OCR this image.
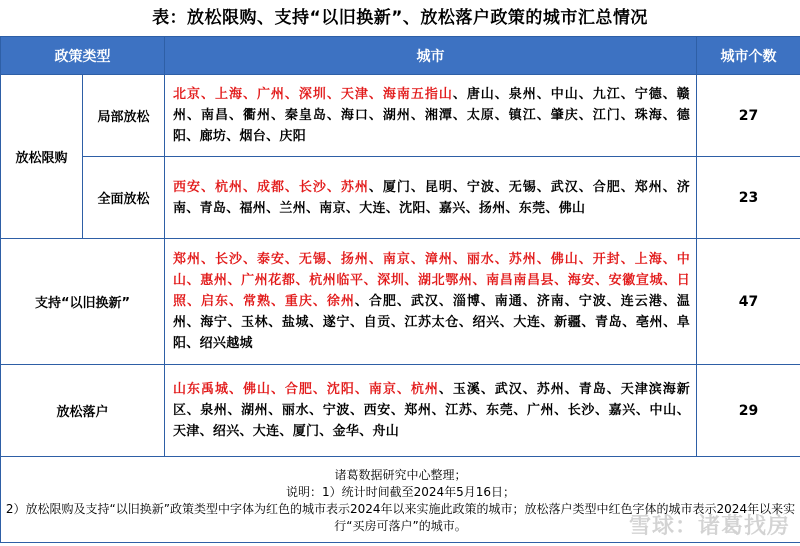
表：放松限购、支持“以旧换新”、放松落户政策的城市汇总情况
政策类型		城市	城市个数
放松限购	局部放松	北京、上海、广州、深圳、天津、海南五指山、唐山、泉州、中山、九江、宁德、赣州、南昌、衢州、秦皇岛、海口、湖州、湘潭、太原、镇江、肇庆、江门、珠海、德阳、廊坊、烟台、庆阳	27
	全面放松	西安、杭州、成都、长沙、苏州、厦门、昆明、宁波、无锡、武汉、合肥、郑州、济南、青岛、福州、兰州、南京、大连、沈阳、嘉兴、扬州、东莞、佛山	23
支持“以旧换新”		郑州、长沙、泰安、无锡、扬州、南京、漳州、丽水、苏州、佛山、开封、上海、中山、惠州、广州花都、杭州临平、深圳、湖北鄂州、南昌南昌县、海安、安徽宣城、日照、启东、常熟、重庆、徐州、合肥、武汉、淄博、南通、济南、宁波、连云港、温州、海宁、玉林、盐城、遂宁、自贡、江苏太仓、绍兴、大连、新疆、青岛、亳州、阜阳、绍兴越城	47
放松落户		山东禹城、佛山、合肥、沈阳、南京、杭州、玉溪、武汉、苏州、青岛、天津滨海新区、泉州、湖州、丽水、宁波、西安、郑州、江苏、东莞、广州、长沙、嘉兴、中山、天津、绍兴、大连、厦门、金华、舟山	29

诸葛数据研究中心整理；
说明：1）统计时间截至2024年5月16日；
2）放松限购及支持“以旧换新”政策类型中字体为红色的城市表示2024年以来实施此政策的城市；放松落户类型中红色字体的城市表示2024年以来实行“买房可落户”的城市。				雪球：诸葛找房
